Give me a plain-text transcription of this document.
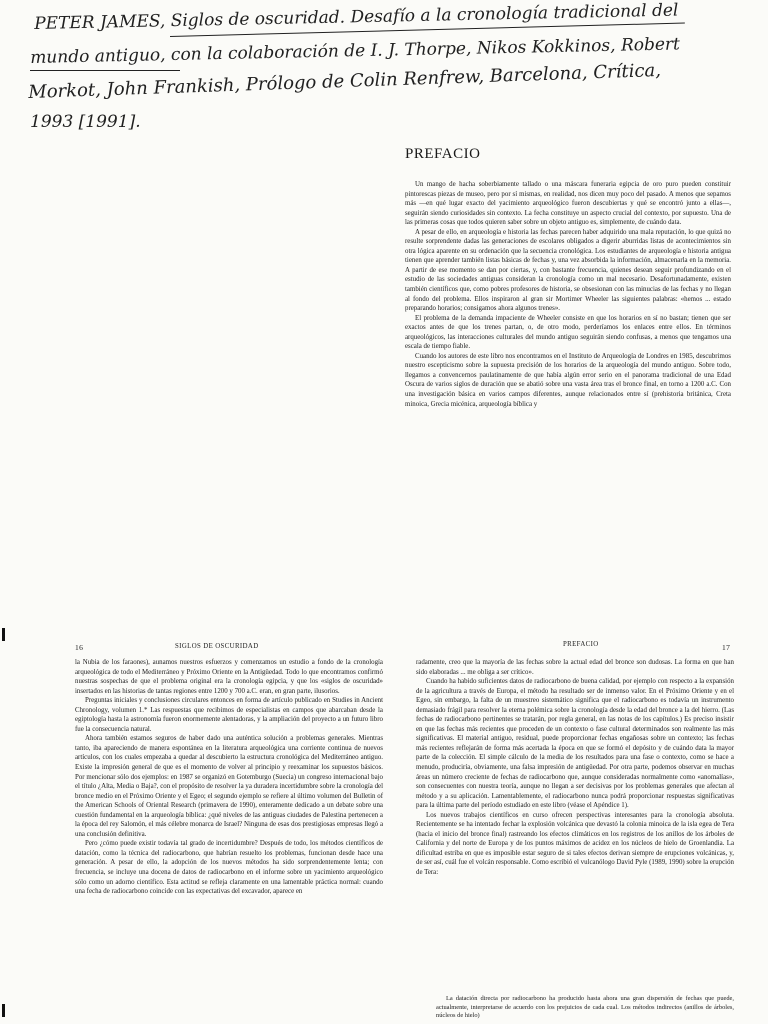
PETER JAMES, Siglos de oscuridad. Desafío a la cronología tradicional del
mundo antiguo, con la colaboración de I. J. Thorpe, Nikos Kokkinos, Robert
Morkot, John Frankish, Prólogo de Colin Renfrew, Barcelona, Crítica,
1993 [1991].
PREFACIO

Un mango de hacha soberbiamente tallado o una máscara funeraria egipcia de oro puro pueden constituir pintorescas piezas de museo, pero por sí mismas, en realidad, nos dicen muy poco del pasado. A menos que sepamos más —en qué lugar exacto del yacimiento arqueológico fueron descubiertas y qué se encontró junto a ellas—, seguirán siendo curiosidades sin contexto. La fecha constituye un aspecto crucial del contexto, por supuesto. Una de las primeras cosas que todos quieren saber sobre un objeto antiguo es, simplemente, de cuándo data.

A pesar de ello, en arqueología e historia las fechas parecen haber adquirido una mala reputación, lo que quizá no resulte sorprendente dadas las generaciones de escolares obligados a digerir aburridas listas de acontecimientos sin otra lógica aparente en su ordenación que la secuencia cronológica. Los estudiantes de arqueología e historia antigua tienen que aprender también listas básicas de fechas y, una vez absorbida la información, almacenarla en la memoria. A partir de ese momento se dan por ciertas, y, con bastante frecuencia, quienes desean seguir profundizando en el estudio de las sociedades antiguas consideran la cronología como un mal necesario. Desafortunadamente, existen también científicos que, como pobres profesores de historia, se obsesionan con las minucias de las fechas y no llegan al fondo del problema. Ellos inspiraron al gran sir Mortimer Wheeler las siguientes palabras: «hemos ... estado preparando horarios; consigamos ahora algunos trenes».

El problema de la demanda impaciente de Wheeler consiste en que los horarios en sí no bastan; tienen que ser exactos antes de que los trenes partan, o, de otro modo, perderíamos los enlaces entre ellos. En términos arqueológicos, las interacciones culturales del mundo antiguo seguirán siendo confusas, a menos que tengamos una escala de tiempo fiable.

Cuando los autores de este libro nos encontramos en el Instituto de Arqueología de Londres en 1985, descubrimos nuestro escepticismo sobre la supuesta precisión de los horarios de la arqueología del mundo antiguo. Sobre todo, llegamos a convencernos paulatinamente de que había algún error serio en el panorama tradicional de una Edad Oscura de varios siglos de duración que se abatió sobre una vasta área tras el bronce final, en torno a 1200 a.C. Con una investigación básica en varios campos diferentes, aunque relacionados entre sí (prehistoria británica, Creta minoica, Grecia micénica, arqueología bíblica y

16	SIGLOS DE OSCURIDAD

la Nubia de los faraones), aunamos nuestros esfuerzos y comenzamos un estudio a fondo de la cronología arqueológica de todo el Mediterráneo y Próximo Oriente en la Antigüedad. Todo lo que encontramos confirmó nuestras sospechas de que el problema original era la cronología egipcia, y que los «siglos de oscuridad» insertados en las historias de tantas regiones entre 1200 y 700 a.C. eran, en gran parte, ilusorios.

Preguntas iniciales y conclusiones circulares entonces en forma de artículo publicado en Studies in Ancient Chronology, volumen 1.* Las respuestas que recibimos de especialistas en campos que abarcaban desde la egiptología hasta la astronomía fueron enormemente alentadoras, y la ampliación del proyecto a un futuro libro fue la consecuencia natural.

Ahora también estamos seguros de haber dado una auténtica solución a problemas generales. Mientras tanto, iba apareciendo de manera espontánea en la literatura arqueológica una corriente continua de nuevos artículos, con los cuales empezaba a quedar al descubierto la estructura cronológica del Mediterráneo antiguo. Existe la impresión general de que es el momento de volver al principio y reexaminar los supuestos básicos. Por mencionar sólo dos ejemplos: en 1987 se organizó en Gotemburgo (Suecia) un congreso internacional bajo el título ¿Alta, Media o Baja?, con el propósito de resolver la ya duradera incertidumbre sobre la cronología del bronce medio en el Próximo Oriente y el Egeo; el segundo ejemplo se refiere al último volumen del Bulletin of the American Schools of Oriental Research (primavera de 1990), enteramente dedicado a un debate sobre una cuestión fundamental en la arqueología bíblica: ¿qué niveles de las antiguas ciudades de Palestina pertenecen a la época del rey Salomón, el más célebre monarca de Israel? Ninguna de esas dos prestigiosas empresas llegó a una conclusión definitiva.

Pero ¿cómo puede existir todavía tal grado de incertidumbre? Después de todo, los métodos científicos de datación, como la técnica del radiocarbono, que habrían resuelto los problemas, funcionan desde hace una generación. A pesar de ello, la adopción de los nuevos métodos ha sido sorprendentemente lenta; con frecuencia, se incluye una docena de datos de radiocarbono en el informe sobre un yacimiento arqueológico sólo como un adorno científico. Esta actitud se refleja claramente en una lamentable práctica normal: cuando una fecha de radiocarbono coincide con las expectativas del excavador, aparece en

PREFACIO	17

radamente, creo que la mayoría de las fechas sobre la actual edad del bronce son dudosas. La forma en que han sido elaboradas ... me obliga a ser crítico».

Cuando ha habido suficientes datos de radiocarbono de buena calidad, por ejemplo con respecto a la expansión de la agricultura a través de Europa, el método ha resultado ser de inmenso valor. En el Próximo Oriente y en el Egeo, sin embargo, la falta de un muestreo sistemático significa que el radiocarbono es todavía un instrumento demasiado frágil para resolver la eterna polémica sobre la cronología desde la edad del bronce a la del hierro. (Las fechas de radiocarbono pertinentes se tratarán, por regla general, en las notas de los capítulos.) Es preciso insistir en que las fechas más recientes que proceden de un contexto o fase cultural determinados son realmente las más significativas. El material antiguo, residual, puede proporcionar fechas engañosas sobre un contexto; las fechas más recientes reflejarán de forma más acertada la época en que se formó el depósito y de cuándo data la mayor parte de la colección. El simple cálculo de la media de los resultados para una fase o contexto, como se hace a menudo, produciría, obviamente, una falsa impresión de antigüedad. Por otra parte, podemos observar en muchas áreas un número creciente de fechas de radiocarbono que, aunque consideradas normalmente como «anomalías», son consecuentes con nuestra teoría, aunque no llegan a ser decisivas por los problemas generales que afectan al método y a su aplicación. Lamentablemente, el radiocarbono nunca podrá proporcionar respuestas significativas para la última parte del período estudiado en este libro (véase el Apéndice 1).

Los nuevos trabajos científicos en curso ofrecen perspectivas interesantes para la cronología absoluta. Recientemente se ha intentado fechar la explosión volcánica que devastó la colonia minoica de la isla egea de Tera (hacia el inicio del bronce final) rastreando los efectos climáticos en los registros de los anillos de los árboles de California y del norte de Europa y de los puntos máximos de acidez en los núcleos de hielo de Groenlandia. La dificultad estriba en que es imposible estar seguro de si tales efectos derivan siempre de erupciones volcánicas, y, de ser así, cuál fue el volcán responsable. Como escribió el vulcanólogo David Pyle (1989, 1990) sobre la erupción de Tera:

La datación directa por radiocarbono ha producido hasta ahora una gran dispersión de fechas que puede, actualmente, interpretarse de acuerdo con los prejuicios de cada cual. Los métodos indirectos (anillos de árboles, núcleos de hielo)
